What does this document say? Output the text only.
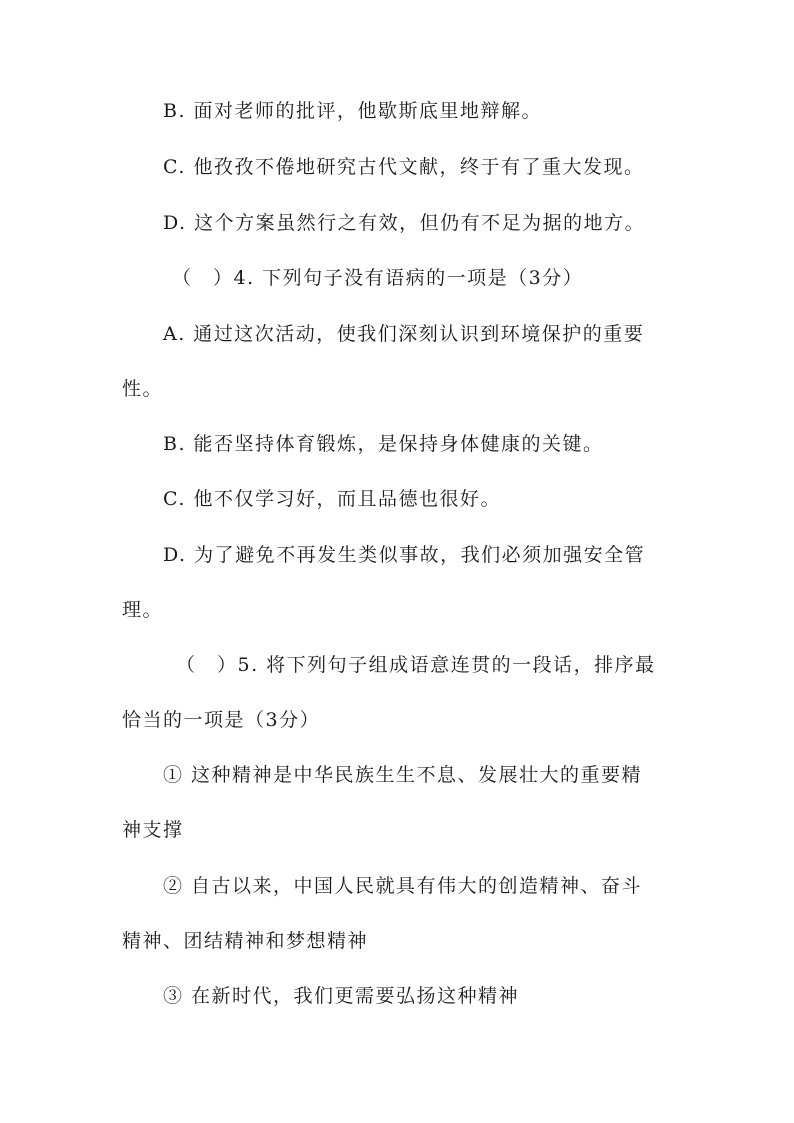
B. 面对老师的批评，他歇斯底里地辩解。
C. 他孜孜不倦地研究古代文献，终于有了重大发现。
D. 这个方案虽然行之有效，但仍有不足为据的地方。
（　）4. 下列句子没有语病的一项是（3分）
A. 通过这次活动，使我们深刻认识到环境保护的重要
性。
B. 能否坚持体育锻炼，是保持身体健康的关键。
C. 他不仅学习好，而且品德也很好。
D. 为了避免不再发生类似事故，我们必须加强安全管
理。
（　）5. 将下列句子组成语意连贯的一段话，排序最
恰当的一项是（3分）
① 这种精神是中华民族生生不息、发展壮大的重要精
神支撑
② 自古以来，中国人民就具有伟大的创造精神、奋斗
精神、团结精神和梦想精神
③ 在新时代，我们更需要弘扬这种精神
